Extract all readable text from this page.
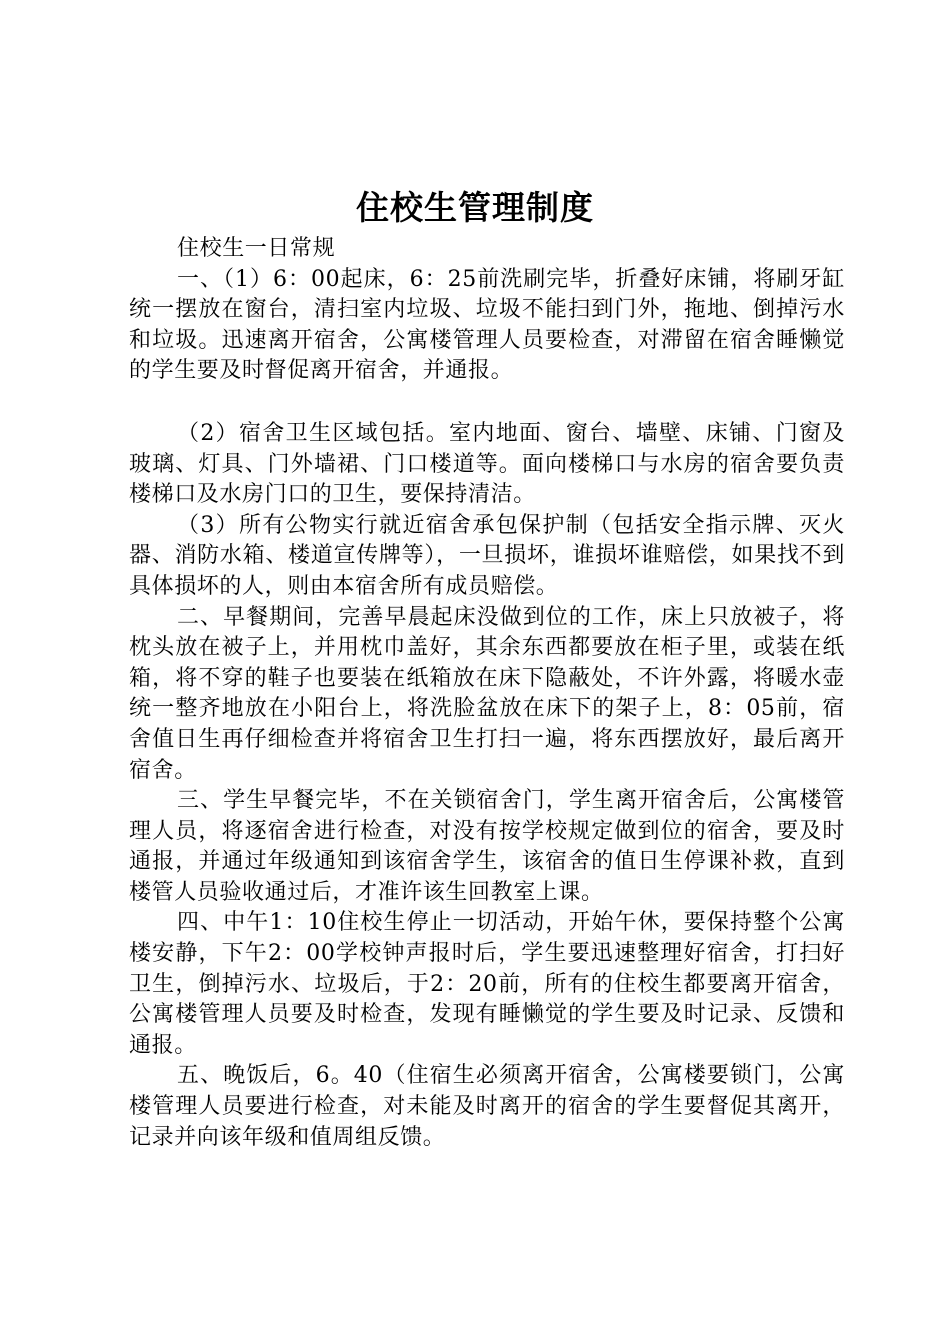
住校生管理制度

住校生一日常规

一、（1）6：00起床，6：25前洗刷完毕，折叠好床铺，将刷牙缸统一摆放在窗台，清扫室内垃圾、垃圾不能扫到门外，拖地、倒掉污水和垃圾。迅速离开宿舍，公寓楼管理人员要检查，对滞留在宿舍睡懒觉的学生要及时督促离开宿舍，并通报。

（2）宿舍卫生区域包括。室内地面、窗台、墙壁、床铺、门窗及玻璃、灯具、门外墙裙、门口楼道等。面向楼梯口与水房的宿舍要负责楼梯口及水房门口的卫生，要保持清洁。

（3）所有公物实行就近宿舍承包保护制（包括安全指示牌、灭火器、消防水箱、楼道宣传牌等），一旦损坏，谁损坏谁赔偿，如果找不到具体损坏的人，则由本宿舍所有成员赔偿。

二、早餐期间，完善早晨起床没做到位的工作，床上只放被子，将枕头放在被子上，并用枕巾盖好，其余东西都要放在柜子里，或装在纸箱，将不穿的鞋子也要装在纸箱放在床下隐蔽处，不许外露，将暖水壶统一整齐地放在小阳台上，将洗脸盆放在床下的架子上，8：05前，宿舍值日生再仔细检查并将宿舍卫生打扫一遍，将东西摆放好，最后离开宿舍。

三、学生早餐完毕，不在关锁宿舍门，学生离开宿舍后，公寓楼管理人员，将逐宿舍进行检查，对没有按学校规定做到位的宿舍，要及时通报，并通过年级通知到该宿舍学生，该宿舍的值日生停课补救，直到楼管人员验收通过后，才准许该生回教室上课。

四、中午1：10住校生停止一切活动，开始午休，要保持整个公寓楼安静，下午2：00学校钟声报时后，学生要迅速整理好宿舍，打扫好卫生，倒掉污水、垃圾后，于2：20前，所有的住校生都要离开宿舍，公寓楼管理人员要及时检查，发现有睡懒觉的学生要及时记录、反馈和通报。

五、晚饭后，6。40（住宿生必须离开宿舍，公寓楼要锁门，公寓楼管理人员要进行检查，对未能及时离开的宿舍的学生要督促其离开，记录并向该年级和值周组反馈。
